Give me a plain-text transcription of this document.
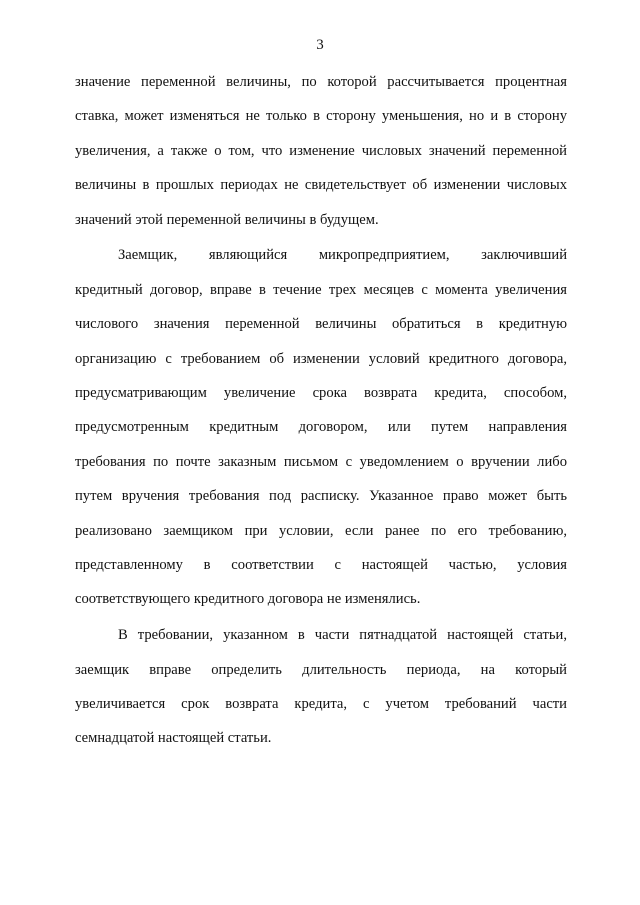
3
значение переменной величины, по которой рассчитывается процентная
ставка, может изменяться не только в сторону уменьшения, но и в сторону
увеличения, а также о том, что изменение числовых значений переменной
величины в прошлых периодах не свидетельствует об изменении числовых
значений этой переменной величины в будущем.
Заемщик, являющийся микропредприятием, заключивший
кредитный договор, вправе в течение трех месяцев с момента увеличения
числового значения переменной величины обратиться в кредитную
организацию с требованием об изменении условий кредитного договора,
предусматривающим увеличение срока возврата кредита, способом,
предусмотренным кредитным договором, или путем направления
требования по почте заказным письмом с уведомлением о вручении либо
путем вручения требования под расписку. Указанное право может быть
реализовано заемщиком при условии, если ранее по его требованию,
представленному в соответствии с настоящей частью, условия
соответствующего кредитного договора не изменялись.
В требовании, указанном в части пятнадцатой настоящей статьи,
заемщик вправе определить длительность периода, на который
увеличивается срок возврата кредита, с учетом требований части
семнадцатой настоящей статьи.
